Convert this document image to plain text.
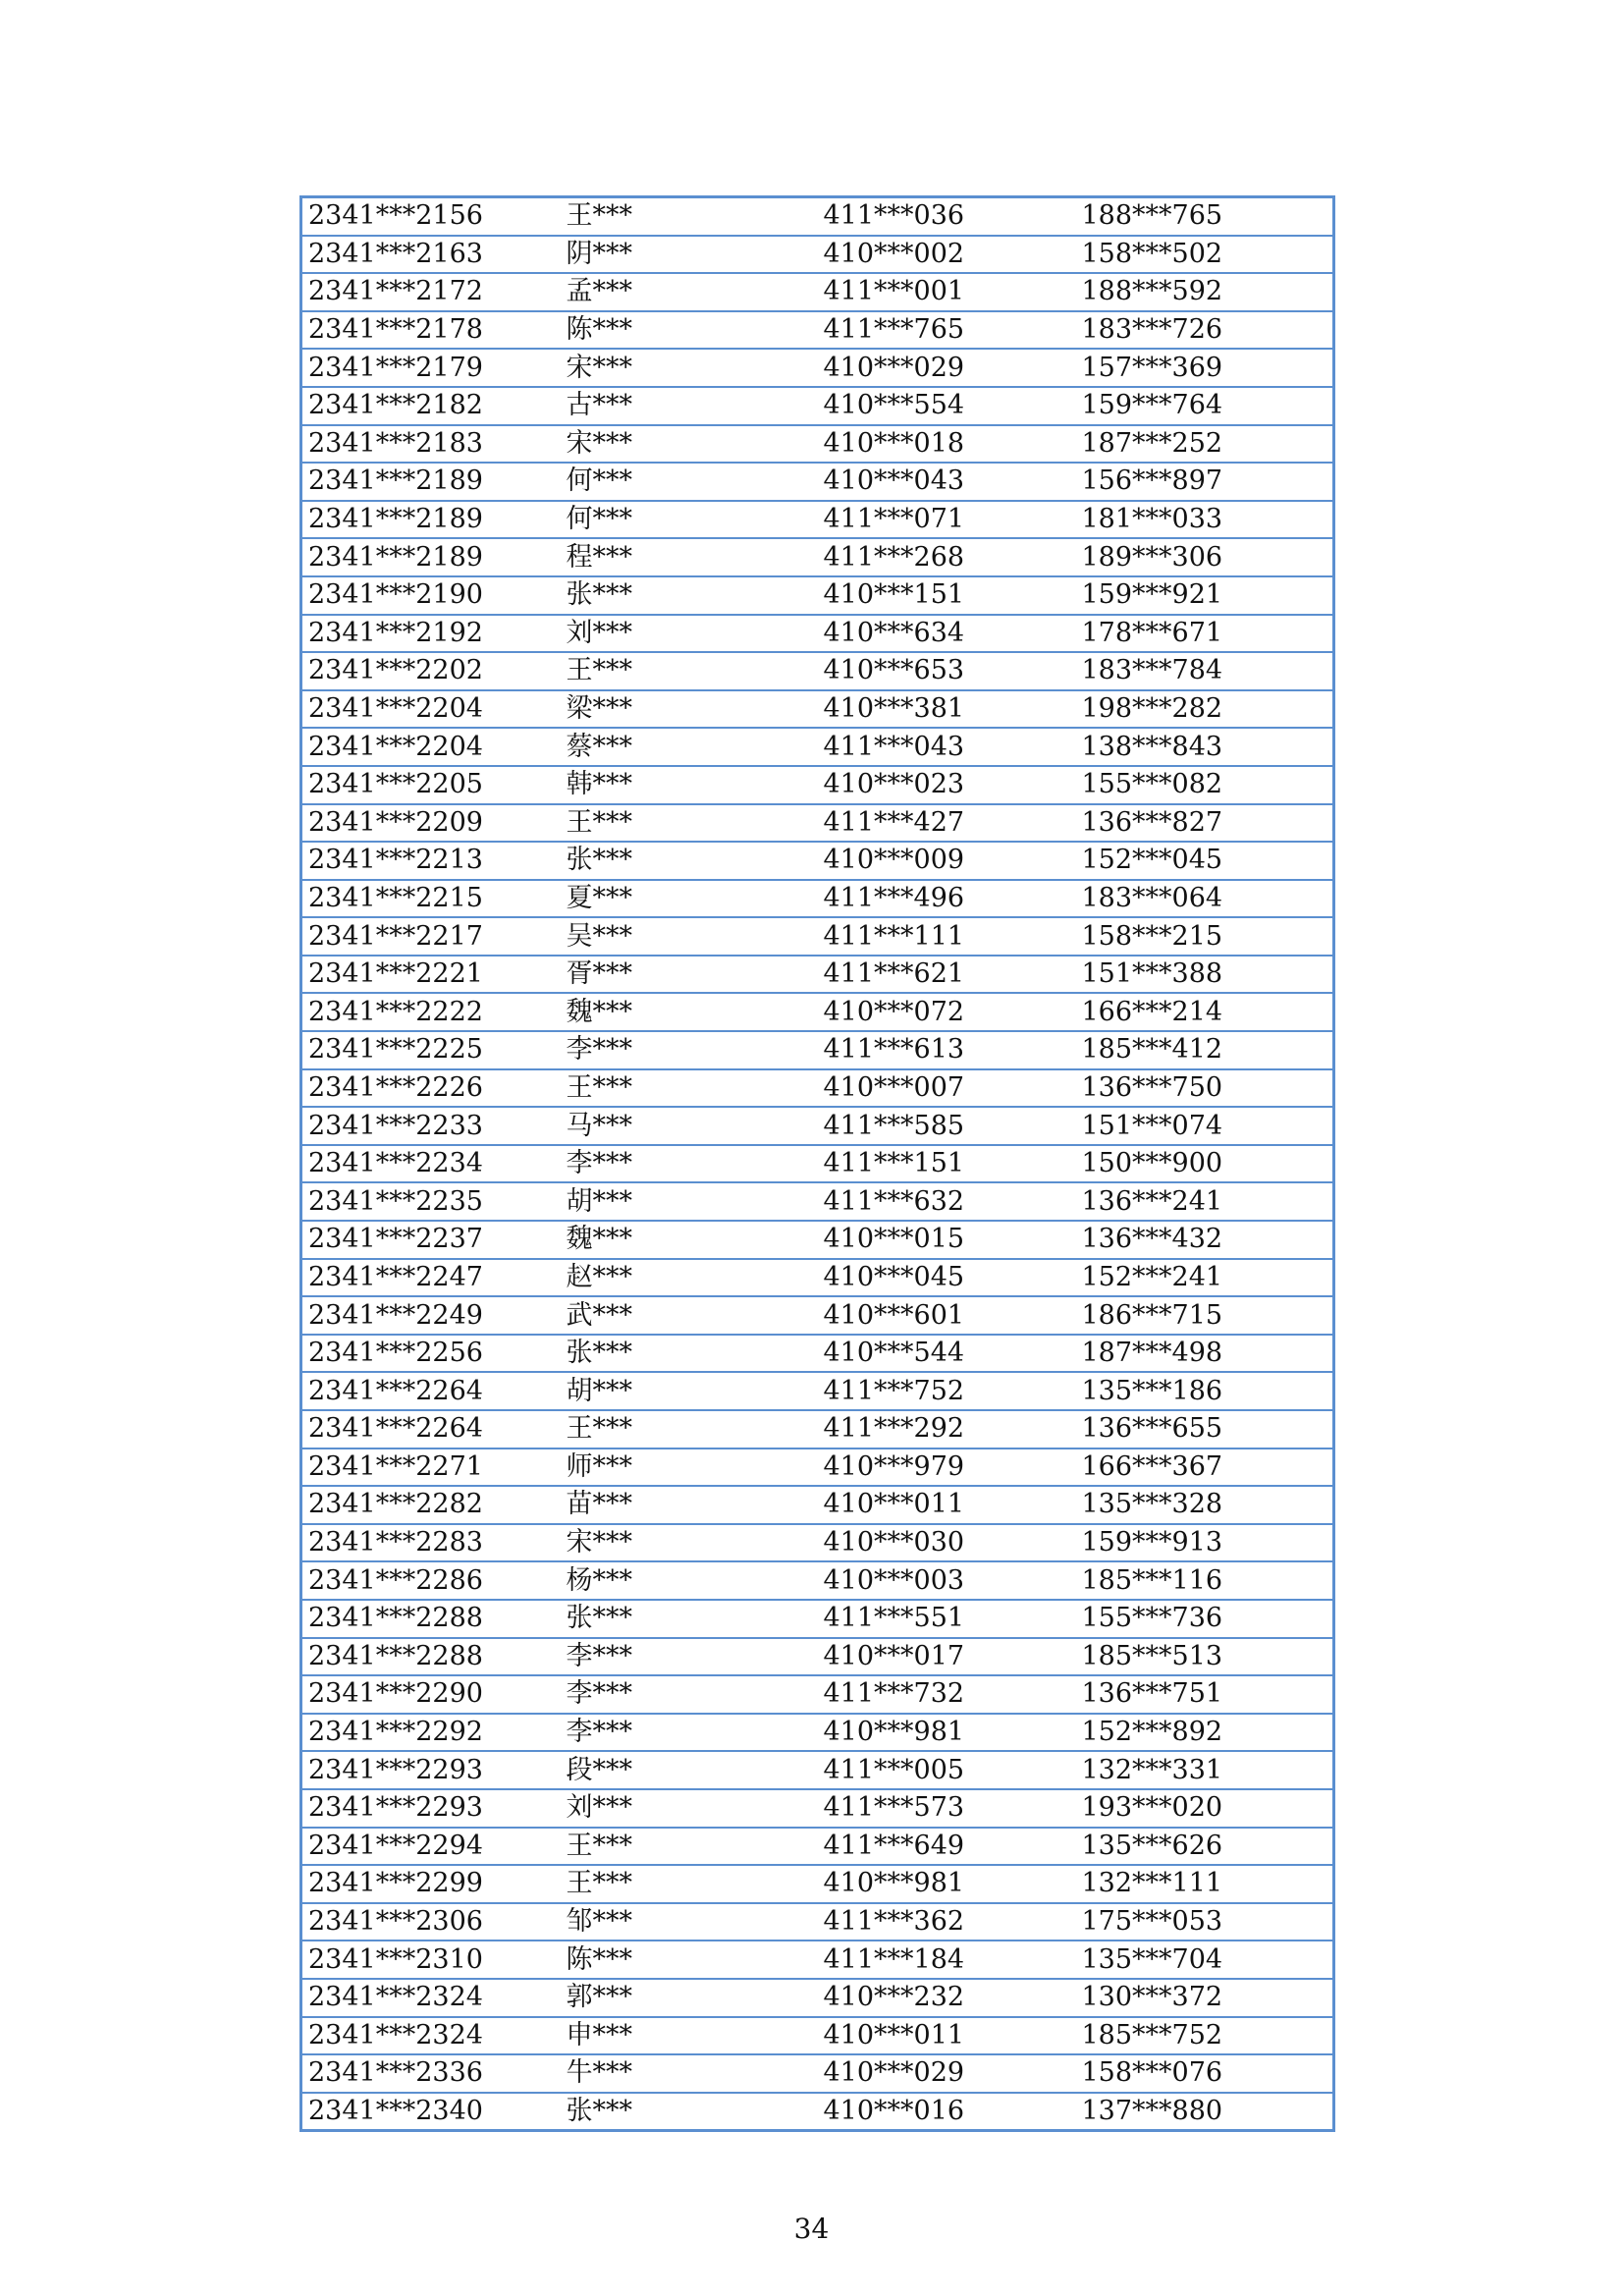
2341***2156	王***	411***036	188***765
2341***2163	阴***	410***002	158***502
2341***2172	孟***	411***001	188***592
2341***2178	陈***	411***765	183***726
2341***2179	宋***	410***029	157***369
2341***2182	古***	410***554	159***764
2341***2183	宋***	410***018	187***252
2341***2189	何***	410***043	156***897
2341***2189	何***	411***071	181***033
2341***2189	程***	411***268	189***306
2341***2190	张***	410***151	159***921
2341***2192	刘***	410***634	178***671
2341***2202	王***	410***653	183***784
2341***2204	梁***	410***381	198***282
2341***2204	蔡***	411***043	138***843
2341***2205	韩***	410***023	155***082
2341***2209	王***	411***427	136***827
2341***2213	张***	410***009	152***045
2341***2215	夏***	411***496	183***064
2341***2217	吴***	411***111	158***215
2341***2221	胥***	411***621	151***388
2341***2222	魏***	410***072	166***214
2341***2225	李***	411***613	185***412
2341***2226	王***	410***007	136***750
2341***2233	马***	411***585	151***074
2341***2234	李***	411***151	150***900
2341***2235	胡***	411***632	136***241
2341***2237	魏***	410***015	136***432
2341***2247	赵***	410***045	152***241
2341***2249	武***	410***601	186***715
2341***2256	张***	410***544	187***498
2341***2264	胡***	411***752	135***186
2341***2264	王***	411***292	136***655
2341***2271	师***	410***979	166***367
2341***2282	苗***	410***011	135***328
2341***2283	宋***	410***030	159***913
2341***2286	杨***	410***003	185***116
2341***2288	张***	411***551	155***736
2341***2288	李***	410***017	185***513
2341***2290	李***	411***732	136***751
2341***2292	李***	410***981	152***892
2341***2293	段***	411***005	132***331
2341***2293	刘***	411***573	193***020
2341***2294	王***	411***649	135***626
2341***2299	王***	410***981	132***111
2341***2306	邹***	411***362	175***053
2341***2310	陈***	411***184	135***704
2341***2324	郭***	410***232	130***372
2341***2324	申***	410***011	185***752
2341***2336	牛***	410***029	158***076
2341***2340	张***	410***016	137***880
34
